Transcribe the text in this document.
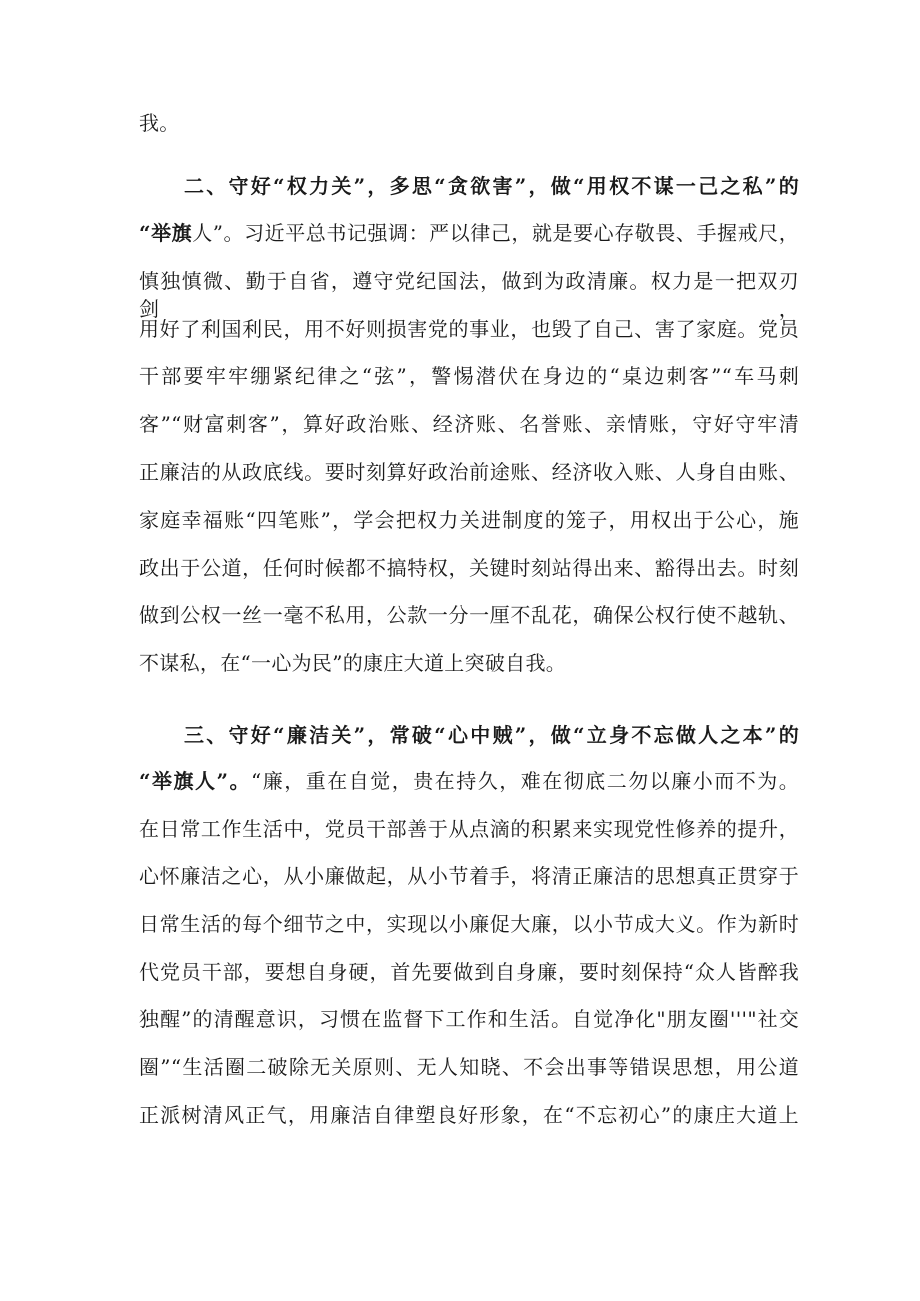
我。
二、守好“权力关”，多思“贪欲害”，做“用权不谋一己之私”的
“举旗人”。习近平总书记强调：严以律己，就是要心存敬畏、手握戒尺，
慎独慎微、勤于自省，遵守党纪国法，做到为政清廉。权力是一把双刃剑，
用好了利国利民，用不好则损害党的事业，也毁了自己、害了家庭。党员
干部要牢牢绷紧纪律之“弦”，警惕潜伏在身边的“桌边刺客”“车马刺
客”“财富刺客”，算好政治账、经济账、名誉账、亲情账，守好守牢清
正廉洁的从政底线。要时刻算好政治前途账、经济收入账、人身自由账、
家庭幸福账“四笔账”，学会把权力关进制度的笼子，用权出于公心，施
政出于公道，任何时候都不搞特权，关键时刻站得出来、豁得出去。时刻
做到公权一丝一毫不私用，公款一分一厘不乱花，确保公权行使不越轨、
不谋私，在“一心为民”的康庄大道上突破自我。
三、守好“廉洁关”，常破“心中贼”，做“立身不忘做人之本”的
“举旗人”。“廉，重在自觉，贵在持久，难在彻底二勿以廉小而不为。
在日常工作生活中，党员干部善于从点滴的积累来实现党性修养的提升，
心怀廉洁之心，从小廉做起，从小节着手，将清正廉洁的思想真正贯穿于
日常生活的每个细节之中，实现以小廉促大廉，以小节成大义。作为新时
代党员干部，要想自身硬，首先要做到自身廉，要时刻保持“众人皆醉我
独醒”的清醒意识，习惯在监督下工作和生活。自觉净化"朋友圈'''"社交
圈”“生活圈二破除无关原则、无人知晓、不会出事等错误思想，用公道
正派树清风正气，用廉洁自律塑良好形象，在“不忘初心”的康庄大道上
